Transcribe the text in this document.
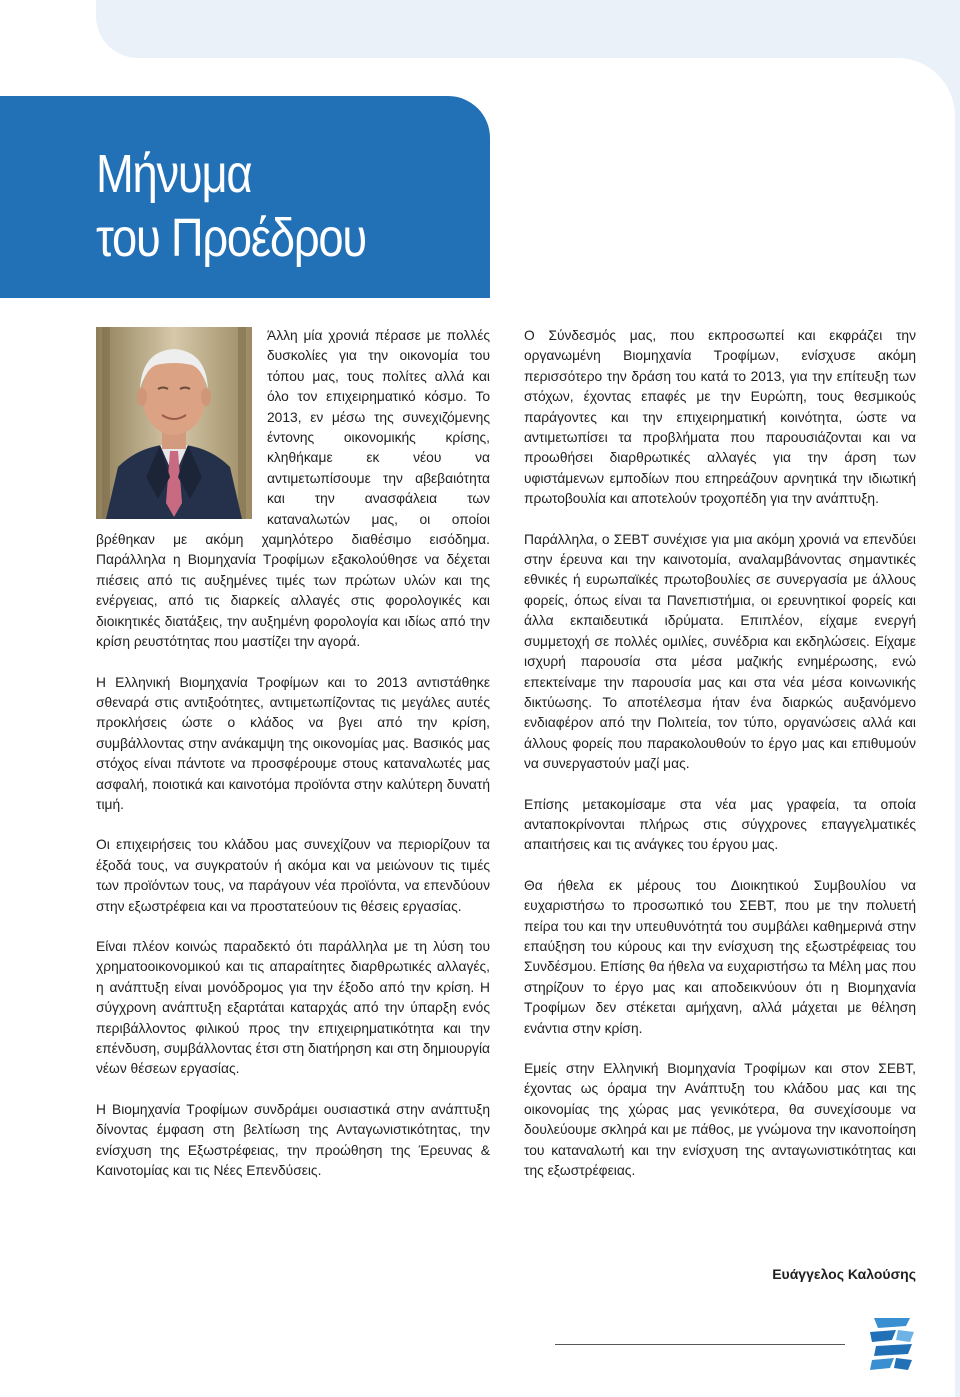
Μήνυμα
του Προέδρου

Άλλη μία χρονιά πέρασε με πολλές δυσκολίες για την οικονομία του τόπου μας, τους πολίτες αλλά και όλο τον επιχειρηματικό κόσμο. Το 2013, εν μέσω της συνεχιζόμενης έντονης οικονομικής κρίσης, κληθήκαμε εκ νέου να αντιμετωπίσουμε την αβεβαιότητα και την ανασφάλεια των καταναλωτών μας, οι οποίοι βρέθηκαν με ακόμη χαμηλότερο διαθέσιμο εισόδημα. Παράλληλα η Βιομηχανία Τροφίμων εξακολούθησε να δέχεται πιέσεις από τις αυξημένες τιμές των πρώτων υλών και της ενέργειας, από τις διαρκείς αλλαγές στις φορολογικές και διοικητικές διατάξεις, την αυξημένη φορολογία και ιδίως από την κρίση ρευστότητας που μαστίζει την αγορά.

Η Ελληνική Βιομηχανία Τροφίμων και το 2013 αντιστάθηκε σθεναρά στις αντιξοότητες, αντιμετωπίζοντας τις μεγάλες αυτές προκλήσεις ώστε ο κλάδος να βγει από την κρίση, συμβάλλοντας στην ανάκαμψη της οικονομίας μας. Βασικός μας στόχος είναι πάντοτε να προσφέρουμε στους καταναλωτές μας ασφαλή, ποιοτικά και καινοτόμα προϊόντα στην καλύτερη δυνατή τιμή.

Οι επιχειρήσεις του κλάδου μας συνεχίζουν να περιορίζουν τα έξοδά τους, να συγκρατούν ή ακόμα και να μειώνουν τις τιμές των προϊόντων τους, να παράγουν νέα προϊόντα, να επενδύουν στην εξωστρέφεια και να προστατεύουν τις θέσεις εργασίας.

Είναι πλέον κοινώς παραδεκτό ότι παράλληλα με τη λύση του χρηματοοικονομικού και τις απαραίτητες διαρθρωτικές αλλαγές, η ανάπτυξη είναι μονόδρομος για την έξοδο από την κρίση. Η σύγχρονη ανάπτυξη εξαρτάται καταρχάς από την ύπαρξη ενός περιβάλλοντος φιλικού προς την επιχειρηματικότητα και την επένδυση, συμβάλλοντας έτσι στη διατήρηση και στη δημιουργία νέων θέσεων εργασίας.

Η Βιομηχανία Τροφίμων συνδράμει ουσιαστικά στην ανάπτυξη δίνοντας έμφαση στη βελτίωση της Ανταγωνιστικότητας, την ενίσχυση της Εξωστρέφειας, την προώθηση της Έρευνας & Καινοτομίας και τις Νέες Επενδύσεις.

Ο Σύνδεσμός μας, που εκπροσωπεί και εκφράζει την οργανωμένη Βιομηχανία Τροφίμων, ενίσχυσε ακόμη περισσότερο την δράση του κατά το 2013, για την επίτευξη των στόχων, έχοντας επαφές με την Ευρώπη, τους θεσμικούς παράγοντες και την επιχειρηματική κοινότητα, ώστε να αντιμετωπίσει τα προβλήματα που παρουσιάζονται και να προωθήσει διαρθρωτικές αλλαγές για την άρση των υφιστάμενων εμποδίων που επηρεάζουν αρνητικά την ιδιωτική πρωτοβουλία και αποτελούν τροχοπέδη για την ανάπτυξη.

Παράλληλα, ο ΣΕΒΤ συνέχισε για μια ακόμη χρονιά να επενδύει στην έρευνα και την καινοτομία, αναλαμβάνοντας σημαντικές εθνικές ή ευρωπαϊκές πρωτοβουλίες σε συνεργασία με άλλους φορείς, όπως είναι τα Πανεπιστήμια, οι ερευνητικοί φορείς και άλλα εκπαιδευτικά ιδρύματα. Επιπλέον, είχαμε ενεργή συμμετοχή σε πολλές ομιλίες, συνέδρια και εκδηλώσεις. Είχαμε ισχυρή παρουσία στα μέσα μαζικής ενημέρωσης, ενώ επεκτείναμε την παρουσία μας και στα νέα μέσα κοινωνικής δικτύωσης. Το αποτέλεσμα ήταν ένα διαρκώς αυξανόμενο ενδιαφέρον από την Πολιτεία, τον τύπο, οργανώσεις αλλά και άλλους φορείς που παρακολουθούν το έργο μας και επιθυμούν να συνεργαστούν μαζί μας.

Επίσης μετακομίσαμε στα νέα μας γραφεία, τα οποία ανταποκρίνονται πλήρως στις σύγχρονες επαγγελματικές απαιτήσεις και τις ανάγκες του έργου μας.

Θα ήθελα εκ μέρους του Διοικητικού Συμβουλίου να ευχαριστήσω το προσωπικό του ΣΕΒΤ, που με την πολυετή πείρα του και την υπευθυνότητά του συμβάλει καθημερινά στην επαύξηση του κύρους και την ενίσχυση της εξωστρέφειας του Συνδέσμου. Επίσης θα ήθελα να ευχαριστήσω τα Μέλη μας που στηρίζουν το έργο μας και αποδεικνύουν ότι η Βιομηχανία Τροφίμων δεν στέκεται αμήχανη, αλλά μάχεται με θέληση ενάντια στην κρίση.

Εμείς στην Ελληνική Βιομηχανία Τροφίμων και στον ΣΕΒΤ, έχοντας ως όραμα την Ανάπτυξη του κλάδου μας και της οικονομίας της χώρας μας γενικότερα, θα συνεχίσουμε να δουλεύουμε σκληρά και με πάθος, με γνώμονα την ικανοποίηση του καταναλωτή και την ενίσχυση της ανταγωνιστικότητας και της εξωστρέφειας.

Ευάγγελος Καλούσης
